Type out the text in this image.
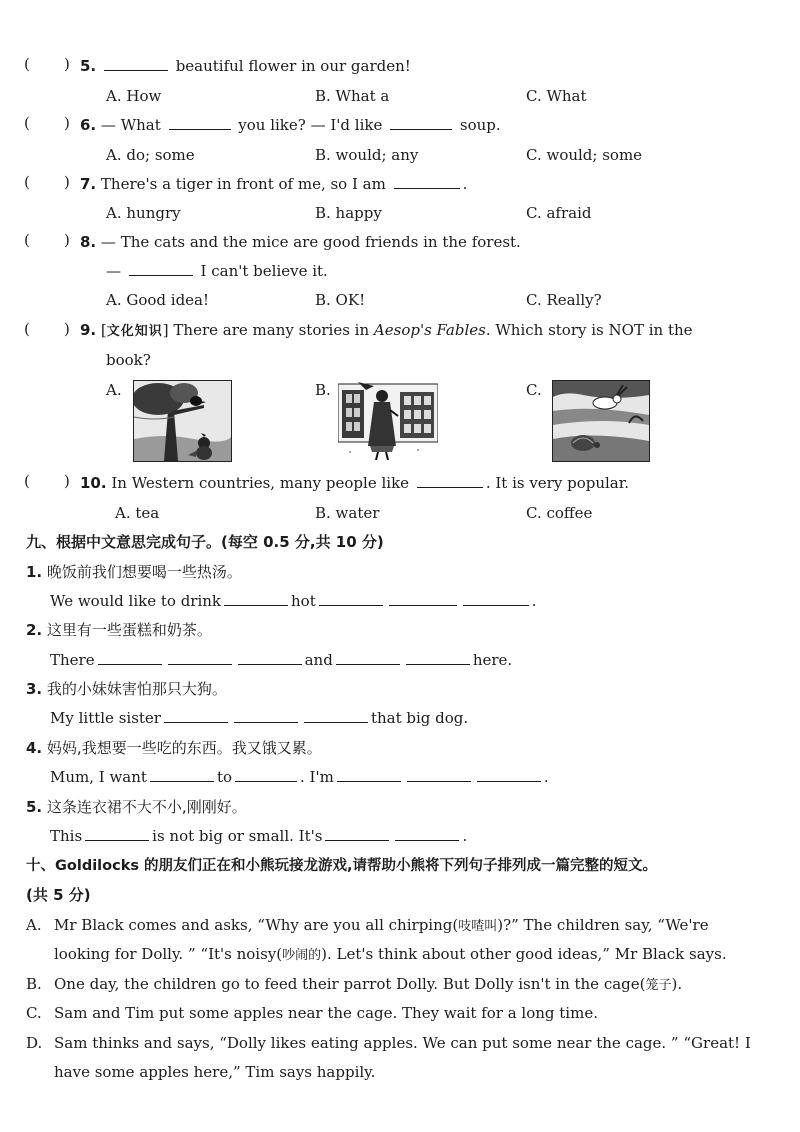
( ) 5.	beautiful flower in our garden!
A. How	B. What a	C. What
( ) 6. — What	you like? — I'd like	soup.
A. do; some	B. would; any	C. would; some
( ) 7. There's a tiger in front of me, so I am	.
A. hungry	B. happy	C. afraid
( ) 8. — The cats and the mice are good friends in the forest.
—	I can't believe it.
A. Good idea!	B. OK!	C. Really?
( ) 9. [文化知识] There are many stories in Aesop's Fables. Which story is NOT in the
book?
A.	B.	C.
( ) 10. In Western countries, many people like	. It is very popular.
A. tea	B. water	C. coffee
九、根据中文意思完成句子。(每空 0.5 分,共 10 分)
1. 晚饭前我们想要喝一些热汤。
We would like to drink	hot	.
2. 这里有一些蛋糕和奶茶。
There	and	here.
3. 我的小妹妹害怕那只大狗。
My little sister	that big dog.
4. 妈妈,我想要一些吃的东西。我又饿又累。
Mum, I want	to	. I'm	.
5. 这条连衣裙不大不小,刚刚好。
This	is not big or small. It's	.
十、Goldilocks 的朋友们正在和小熊玩接龙游戏,请帮助小熊将下列句子排列成一篇完整的短文。
(共 5 分)
A. Mr Black comes and asks, “Why are you all chirping(吱喳叫)?” The children say, “We're
looking for Dolly. ” “It's noisy(吵闹的). Let's think about other good ideas,” Mr Black says.
B. One day, the children go to feed their parrot Dolly. But Dolly isn't in the cage(笼子).
C. Sam and Tim put some apples near the cage. They wait for a long time.
D. Sam thinks and says, “Dolly likes eating apples. We can put some near the cage. ” “Great! I
have some apples here,” Tim says happily.
